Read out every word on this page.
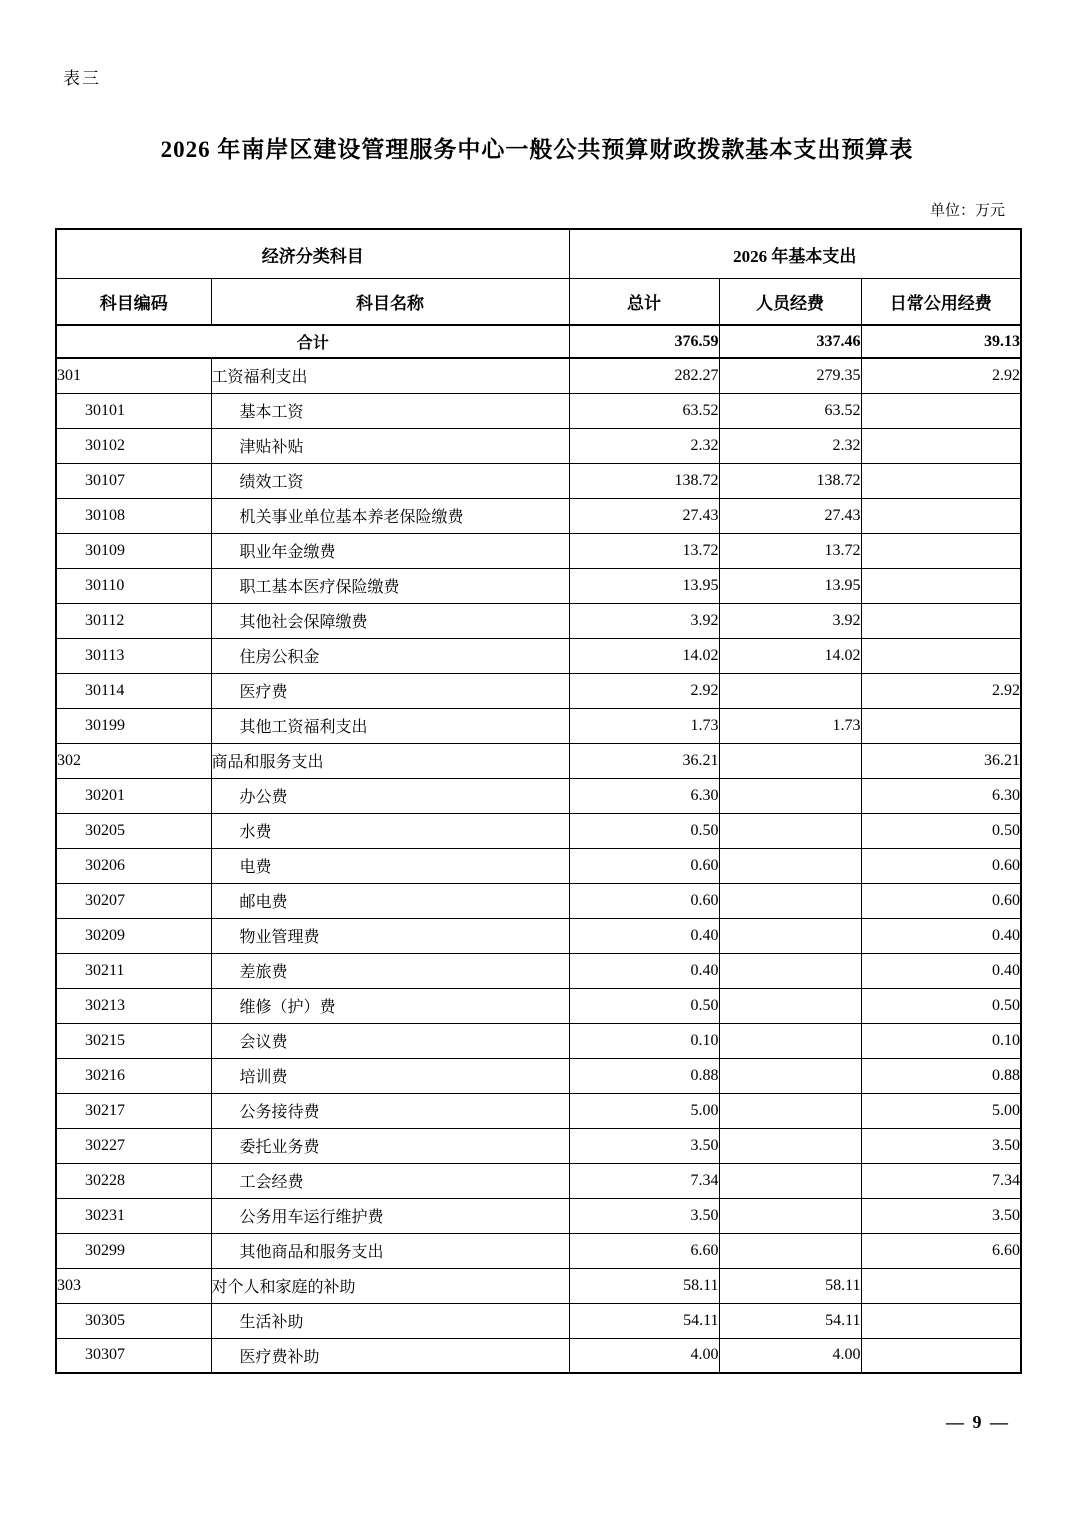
表三
2026 年南岸区建设管理服务中心一般公共预算财政拨款基本支出预算表
单位：万元
经济分类科目		2026 年基本支出		
科目编码	科目名称	总计	人员经费	日常公用经费
合计		376.59	337.46	39.13
301	工资福利支出	282.27	279.35	2.92
30101	基本工资	63.52	63.52	
30102	津贴补贴	2.32	2.32	
30107	绩效工资	138.72	138.72	
30108	机关事业单位基本养老保险缴费	27.43	27.43	
30109	职业年金缴费	13.72	13.72	
30110	职工基本医疗保险缴费	13.95	13.95	
30112	其他社会保障缴费	3.92	3.92	
30113	住房公积金	14.02	14.02	
30114	医疗费	2.92		2.92
30199	其他工资福利支出	1.73	1.73	
302	商品和服务支出	36.21		36.21
30201	办公费	6.30		6.30
30205	水费	0.50		0.50
30206	电费	0.60		0.60
30207	邮电费	0.60		0.60
30209	物业管理费	0.40		0.40
30211	差旅费	0.40		0.40
30213	维修（护）费	0.50		0.50
30215	会议费	0.10		0.10
30216	培训费	0.88		0.88
30217	公务接待费	5.00		5.00
30227	委托业务费	3.50		3.50
30228	工会经费	7.34		7.34
30231	公务用车运行维护费	3.50		3.50
30299	其他商品和服务支出	6.60		6.60
303	对个人和家庭的补助	58.11	58.11	
30305	生活补助	54.11	54.11	
30307	医疗费补助	4.00	4.00	
— 9 —
